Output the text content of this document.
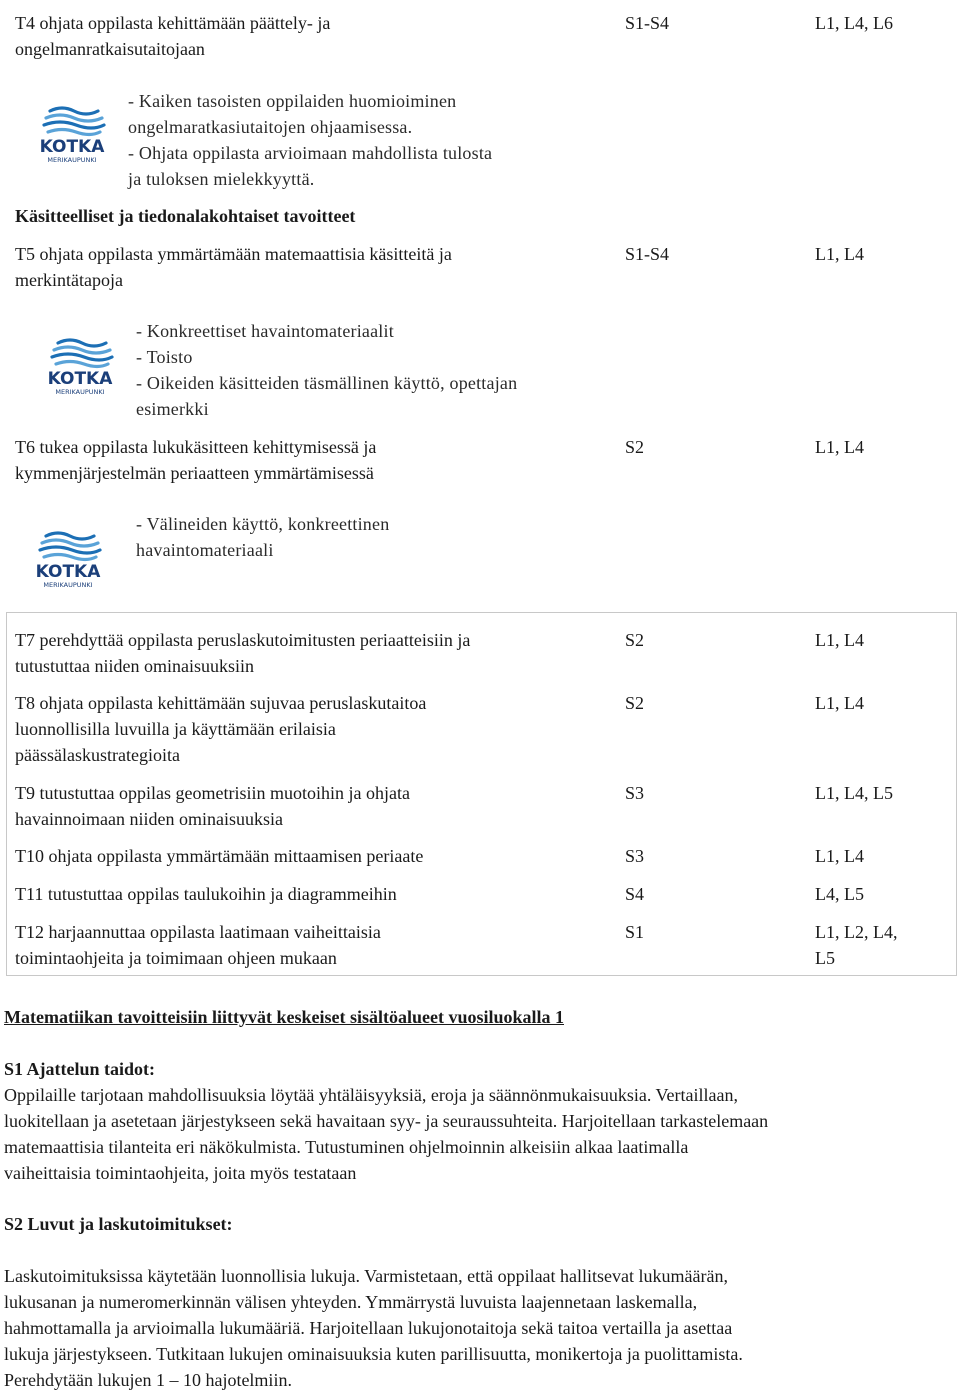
T4 ohjata oppilasta kehittämään päättely- ja
ongelmanratkaisutaitojaan
S1-S4	L1, L4, L6
KOTKA
MERIKAUPUNKI
- Kaiken tasoisten oppilaiden huomioiminen
ongelmaratkasiutaitojen ohjaamisessa.
- Ohjata oppilasta arvioimaan mahdollista tulosta
ja tuloksen mielekkyyttä.
Käsitteelliset ja tiedonalakohtaiset tavoitteet
T5 ohjata oppilasta ymmärtämään matemaattisia käsitteitä ja
merkintätapoja
S1-S4	L1, L4
KOTKA
MERIKAUPUNKI
- Konkreettiset havaintomateriaalit
- Toisto
- Oikeiden käsitteiden täsmällinen käyttö, opettajan
esimerkki
T6 tukea oppilasta lukukäsitteen kehittymisessä ja
kymmenjärjestelmän periaatteen ymmärtämisessä
S2	L1, L4
KOTKA
MERIKAUPUNKI
- Välineiden käyttö, konkreettinen
havaintomateriaali
T7 perehdyttää oppilasta peruslaskutoimitusten periaatteisiin ja
tutustuttaa niiden ominaisuuksiin
S2	L1, L4
T8 ohjata oppilasta kehittämään sujuvaa peruslaskutaitoa
luonnollisilla luvuilla ja käyttämään erilaisia
päässälaskustrategioita
S2	L1, L4
T9 tutustuttaa oppilas geometrisiin muotoihin ja ohjata
havainnoimaan niiden ominaisuuksia
S3	L1, L4, L5
T10 ohjata oppilasta ymmärtämään mittaamisen periaate	S3	L1, L4
T11 tutustuttaa oppilas taulukoihin ja diagrammeihin	S4	L4, L5
T12 harjaannuttaa oppilasta laatimaan vaiheittaisia
toimintaohjeita ja toimimaan ohjeen mukaan
S1	L1, L2, L4,
L5
Matematiikan tavoitteisiin liittyvät keskeiset sisältöalueet vuosiluokalla 1
S1 Ajattelun taidot:
Oppilaille tarjotaan mahdollisuuksia löytää yhtäläisyyksiä, eroja ja säännönmukaisuuksia. Vertaillaan,
luokitellaan ja asetetaan järjestykseen sekä havaitaan syy- ja seuraussuhteita. Harjoitellaan tarkastelemaan
matemaattisia tilanteita eri näkökulmista. Tutustuminen ohjelmoinnin alkeisiin alkaa laatimalla
vaiheittaisia toimintaohjeita, joita myös testataan
S2 Luvut ja laskutoimitukset:
Laskutoimituksissa käytetään luonnollisia lukuja. Varmistetaan, että oppilaat hallitsevat lukumäärän,
lukusanan ja numeromerkinnän välisen yhteyden. Ymmärrystä luvuista laajennetaan laskemalla,
hahmottamalla ja arvioimalla lukumääriä. Harjoitellaan lukujonotaitoja sekä taitoa vertailla ja asettaa
lukuja järjestykseen. Tutkitaan lukujen ominaisuuksia kuten parillisuutta, monikertoja ja puolittamista.
Perehdytään lukujen 1 – 10 hajotelmiin.
